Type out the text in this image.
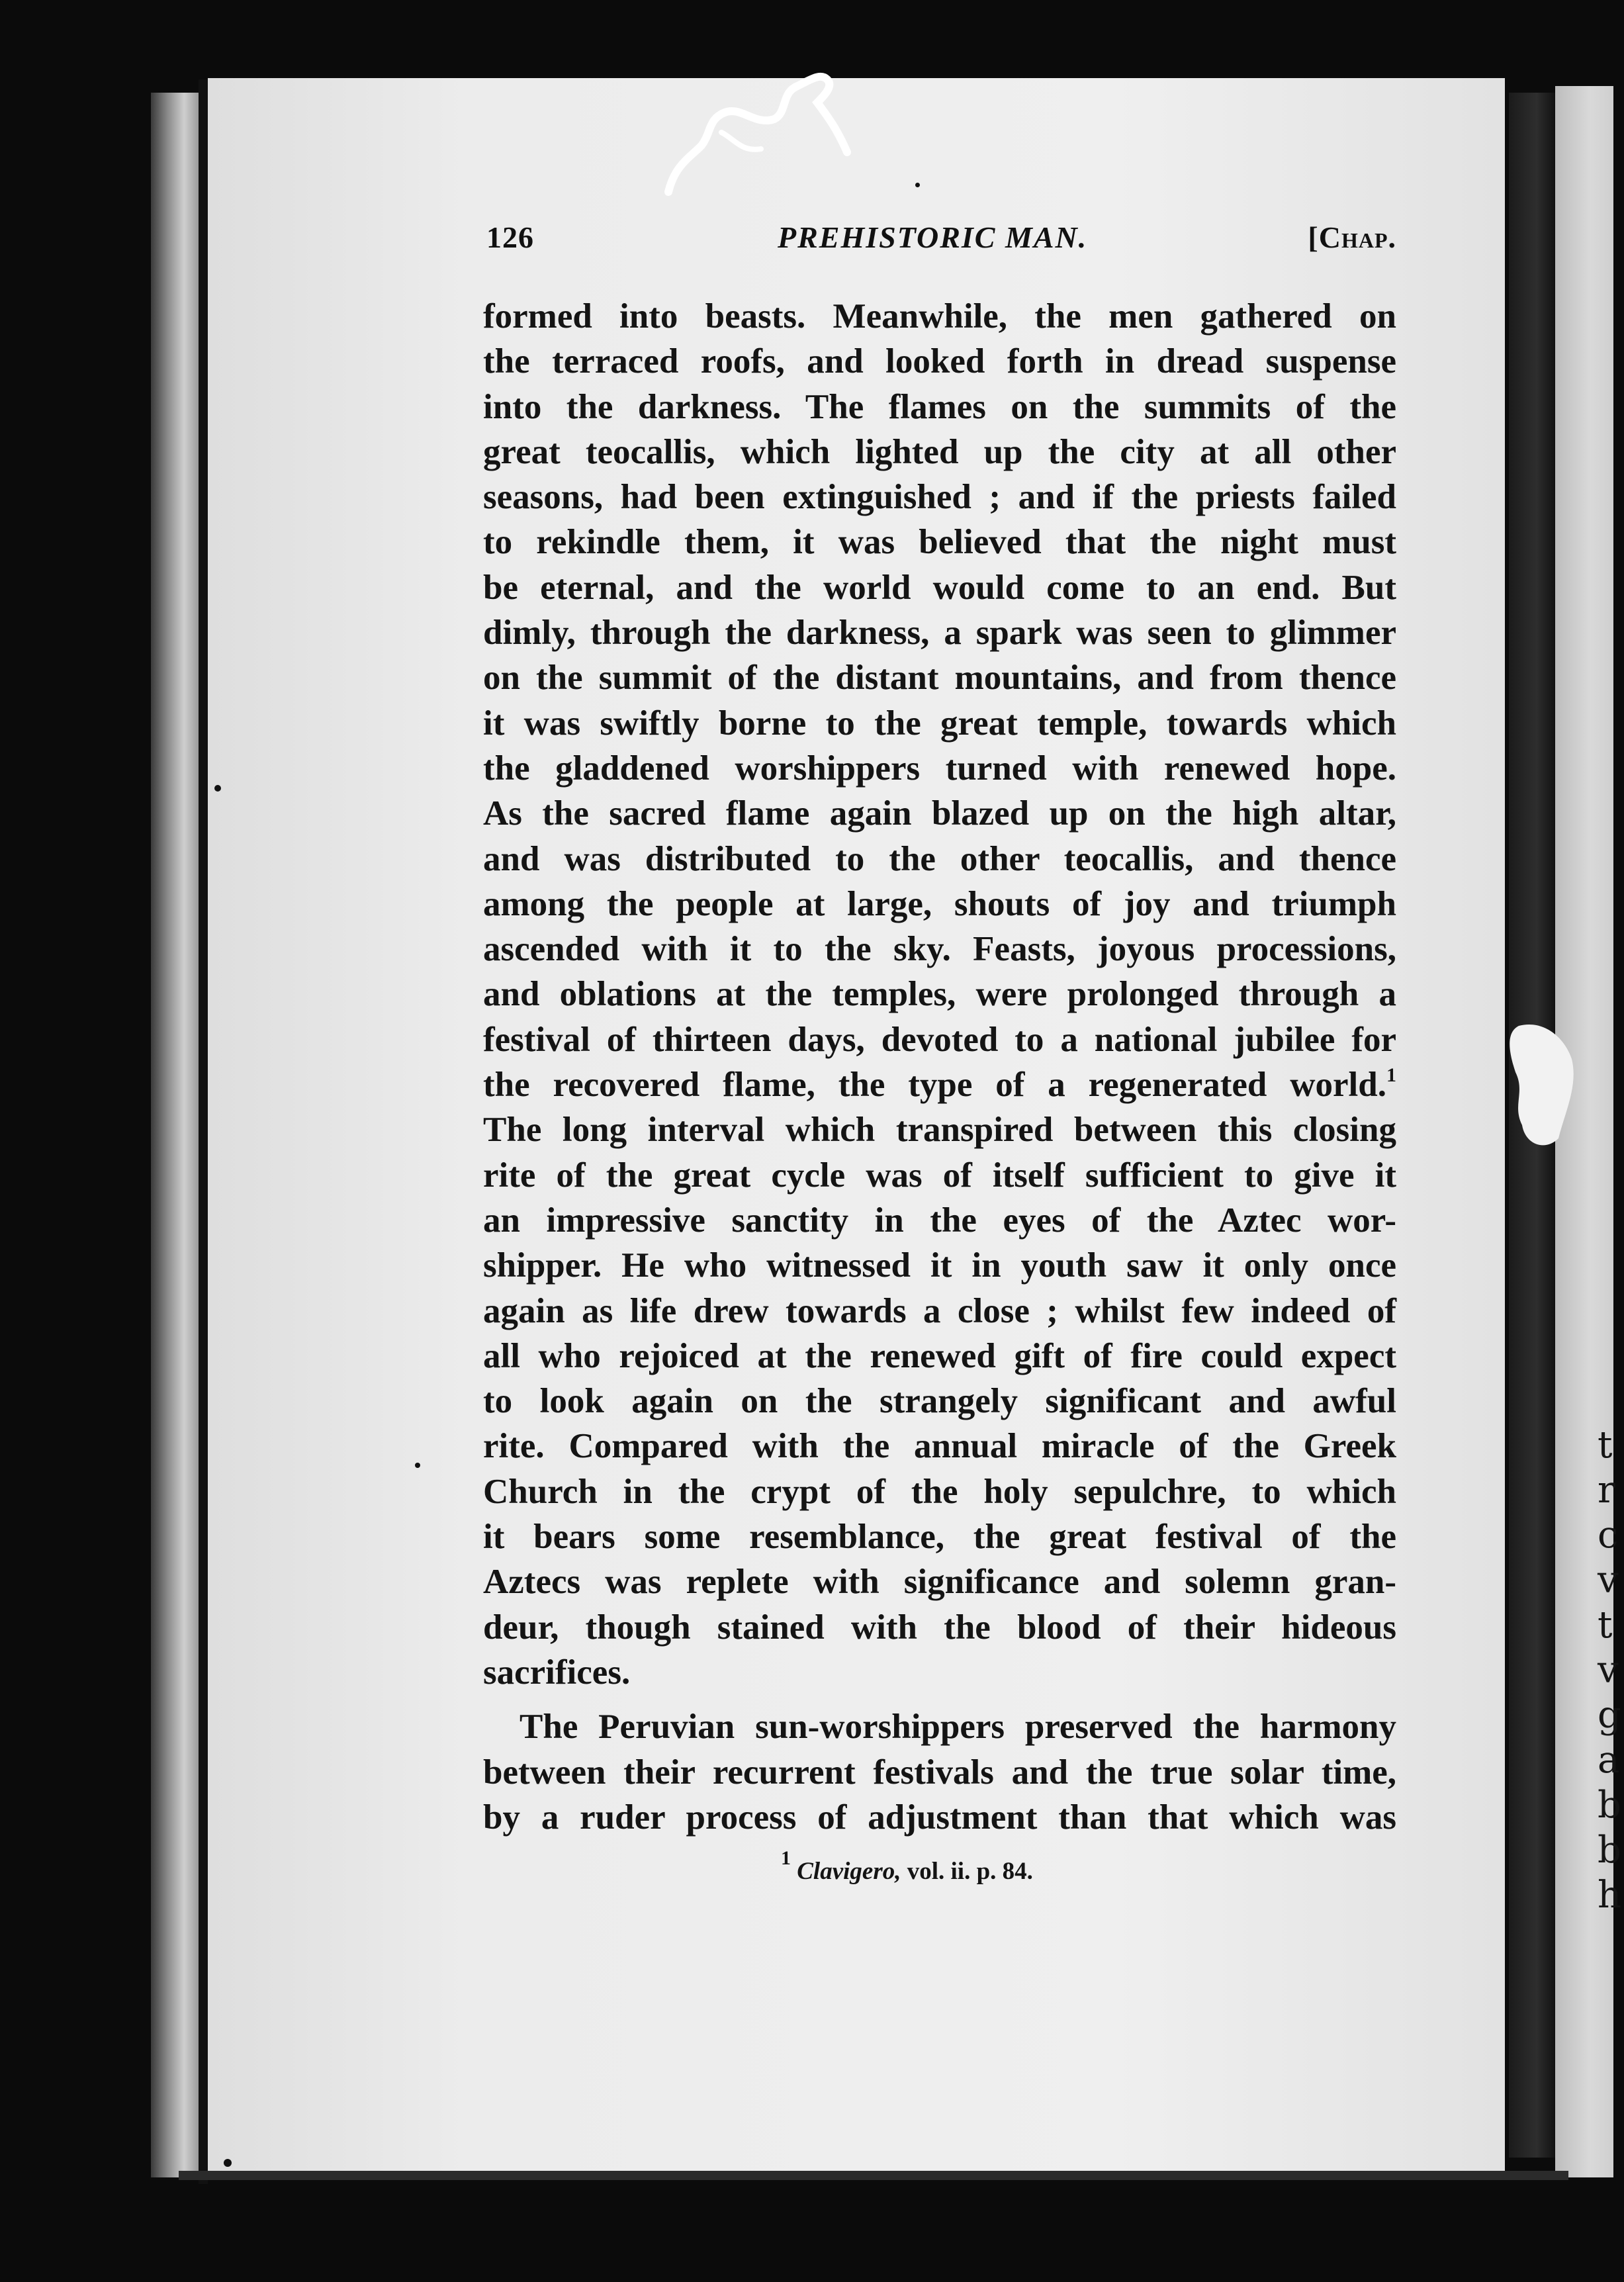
t
r
c
v
t
v
g
a
b
b
h
126	PREHISTORIC MAN.	[Chap.
formed into beasts. Meanwhile, the men gathered on
the terraced roofs, and looked forth in dread suspense
into the darkness. The flames on the summits of the
great teocallis, which lighted up the city at all other
seasons, had been extinguished ; and if the priests failed
to rekindle them, it was believed that the night must
be eternal, and the world would come to an end. But
dimly, through the darkness, a spark was seen to glimmer
on the summit of the distant mountains, and from thence
it was swiftly borne to the great temple, towards which
the gladdened worshippers turned with renewed hope.
As the sacred flame again blazed up on the high altar,
and was distributed to the other teocallis, and thence
among the people at large, shouts of joy and triumph
ascended with it to the sky. Feasts, joyous processions,
and oblations at the temples, were prolonged through a
festival of thirteen days, devoted to a national jubilee for
the recovered flame, the type of a regenerated world.$^1$
The long interval which transpired between this closing
rite of the great cycle was of itself sufficient to give it
an impressive sanctity in the eyes of the Aztec wor-
shipper. He who witnessed it in youth saw it only once
again as life drew towards a close ; whilst few indeed of
all who rejoiced at the renewed gift of fire could expect
to look again on the strangely significant and awful
rite. Compared with the annual miracle of the Greek
Church in the crypt of the holy sepulchre, to which
it bears some resemblance, the great festival of the
Aztecs was replete with significance and solemn gran-
deur, though stained with the blood of their hideous
sacrifices.
The Peruvian sun-worshippers preserved the harmony
between their recurrent festivals and the true solar time,
by a ruder process of adjustment than that which was
$^1$ Clavigero, vol. ii. p. 84.
